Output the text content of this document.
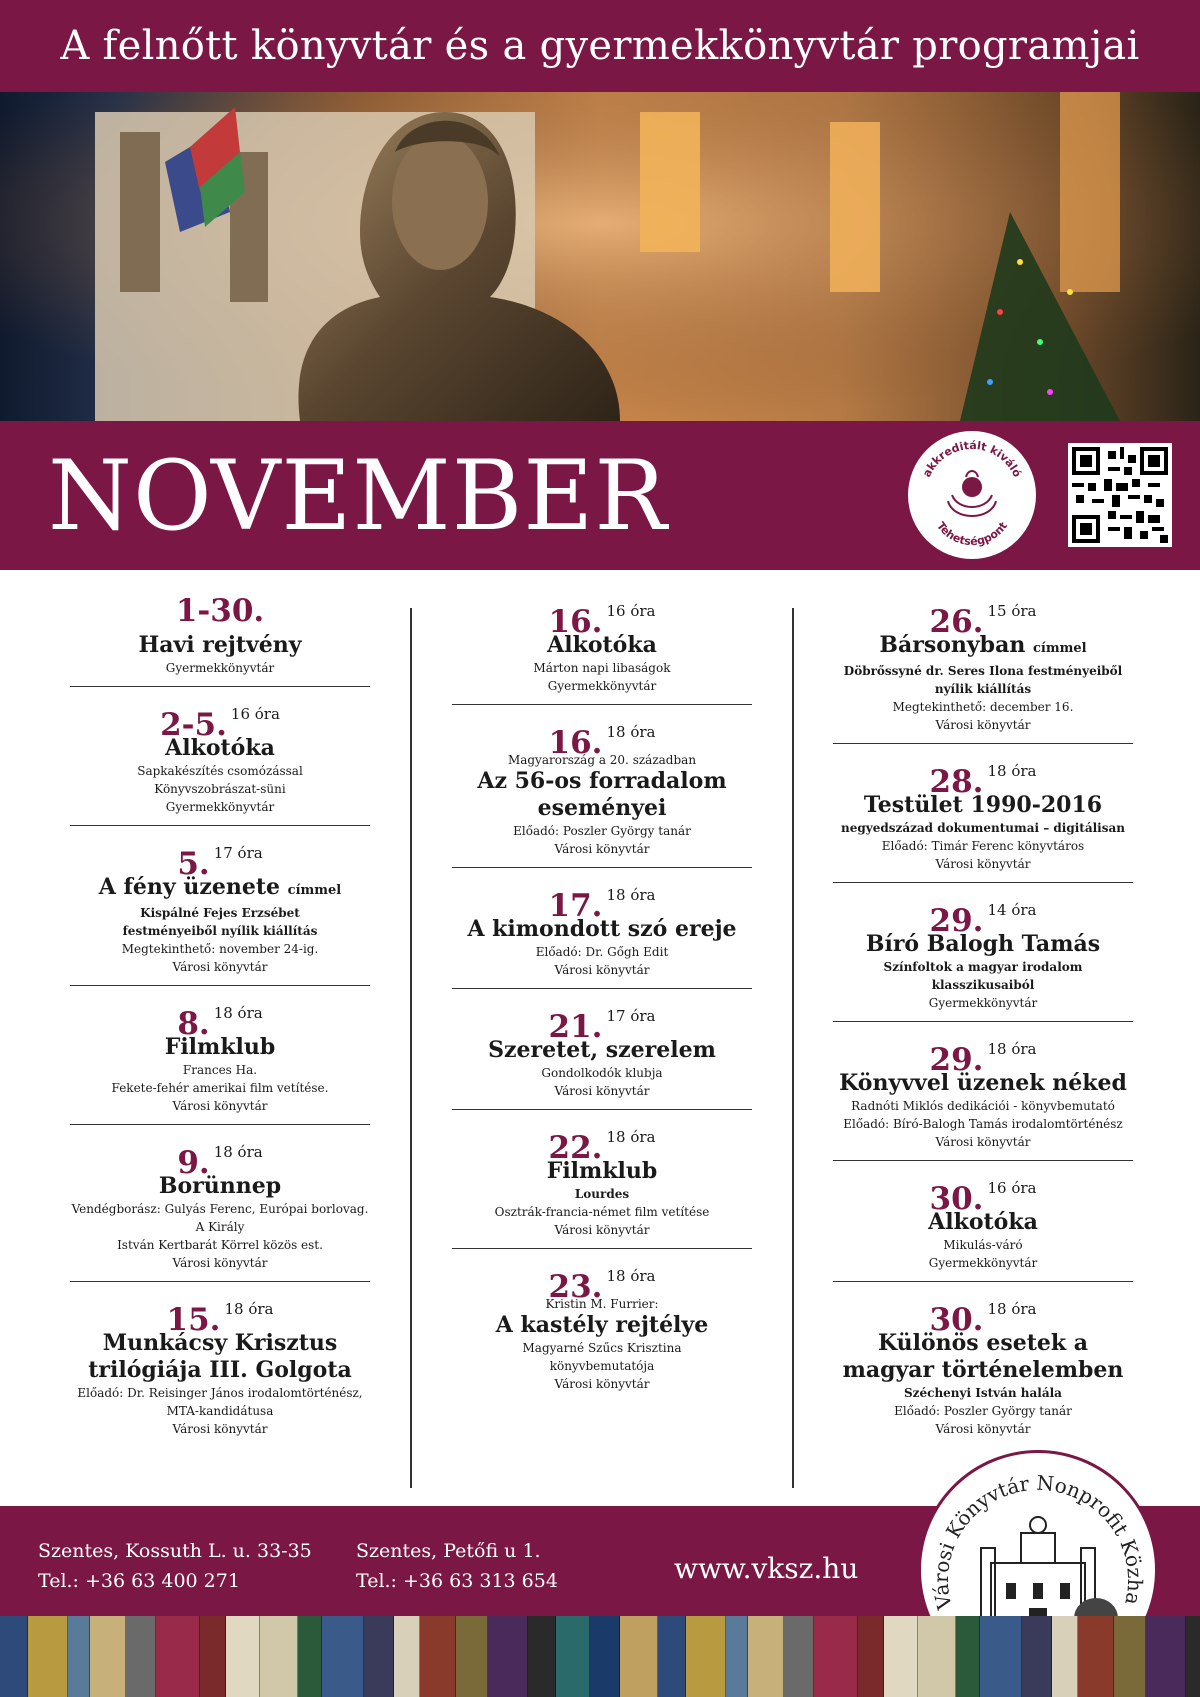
A felnőtt könyvtár és a gyermekkönyvtár programjai
NOVEMBER	akkreditált kiváló
Tehetségpont
1-30.
Havi rejtvény
Gyermekkönyvtár
2-5. 16 óra
Alkotóka
Sapkakészítés csomózással
Könyvszobrászat-süni
Gyermekkönyvtár
5. 17 óra
A fény üzenete címmel
Kispálné Fejes Erzsébet
festményeiből nyílik kiállítás
Megtekinthető: november 24-ig.
Városi könyvtár
8. 18 óra
Filmklub
Frances Ha.
Fekete-fehér amerikai film vetítése.
Városi könyvtár
9. 18 óra
Borünnep
Vendégborász: Gulyás Ferenc, Európai borlovag. A Király
István Kertbarát Körrel közös est.
Városi könyvtár
15. 18 óra
Munkácsy Krisztus trilógiája III. Golgota
Előadó: Dr. Reisinger János irodalomtörténész,
MTA-kandidátusa
Városi könyvtár
16. 16 óra
Alkotóka
Márton napi libaságok
Gyermekkönyvtár
16. 18 óra
Magyarország a 20. században
Az 56-os forradalom eseményei
Előadó: Poszler György tanár
Városi könyvtár
17. 18 óra
A kimondott szó ereje
Előadó: Dr. Gőgh Edit
Városi könyvtár
21. 17 óra
Szeretet, szerelem
Gondolkodók klubja
Városi könyvtár
22. 18 óra
Filmklub
Lourdes
Osztrák-francia-német film vetítése
Városi könyvtár
23. 18 óra
Kristin M. Furrier:
A kastély rejtélye
Magyarné Szűcs Krisztina
könyvbemutatója
Városi könyvtár
26. 15 óra
Bársonyban címmel
Döbrőssyné dr. Seres Ilona festményeiből nyílik kiállítás
Megtekinthető: december 16.
Városi könyvtár
28. 18 óra
Testület 1990-2016
negyedszázad dokumentumai – digitálisan
Előadó: Timár Ferenc könyvtáros
Városi könyvtár
29. 14 óra
Bíró Balogh Tamás
Színfoltok a magyar irodalom klasszikusaiból
Gyermekkönyvtár
29. 18 óra
Könyvvel üzenek néked
Radnóti Miklós dedikációi - könyvbemutató
Előadó: Bíró-Balogh Tamás irodalomtörténész
Városi könyvtár
30. 16 óra
Alkotóka
Mikulás-váró
Gyermekkönyvtár
30. 18 óra
Különös esetek a magyar történelemben
Széchenyi István halála
Előadó: Poszler György tanár
Városi könyvtár
Szentes, Kossuth L. u. 33-35
Tel.: +36 63 400 271
Szentes, Petőfi u 1.
Tel.: +36 63 313 654	www.vksz.hu
Városi Könyvtár Nonprofit Közha
